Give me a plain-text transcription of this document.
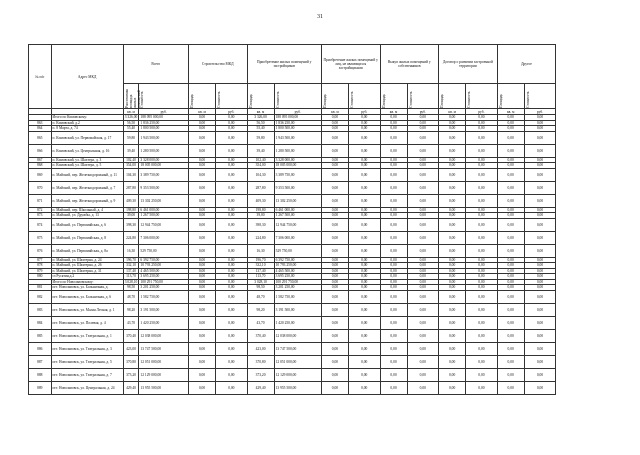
31
№ п/п	Адрес МКД	Всего		Строительство МКД		Приобретение жилых помещений у застройщиков		Приобретение жилых помещений у лиц, не являющихся застройщиками		Выкуп жилых помещений у собственников		Договор о развитии застроенной территории		Другое		

		Расселяемая площадь жилых помещений	Стоимость	Площадь	Стоимость	Площадь	Стоимость	Площадь	Стоимость	Площадь	Стоимость	Площадь	Стоимость	Площадь	Стоимость	

		кв. м	руб.	кв. м	руб.	кв. м	руб.	кв. м	руб.	кв. м	руб.	кв. м	руб.	кв. м	руб.	
	Итого по Кимовскому:	3 326,00	188 095 000,00	0,00	0,00	3 326,00	188 095 000,00	0,00	0,00	0,00	0,00	0,00	0,00	0,00	0,00	
863	п. Кимовский, д.2	56,50	1 836 250,00	0,00	0,00	56,50	1 836 250,00	0,00	0,00	0,00	0,00	0,00	0,00	0,00	0,00	
864	п. 8 Марта, д. 74	55,40	1 800 500,00	0,00	0,00	55,40	1 800 500,00	0,00	0,00	0,00	0,00	0,00	0,00	0,00	0,00	
865	п. Кимовский, ул. Первомайская, д. 17	59,80	1 943 500,00	0,00	0,00	59,80	1 943 500,00	0,00	0,00	0,00	0,00	0,00	0,00	0,00	0,00	
866	п. Кимовский, ул. Центральная, д. 16	39,40	1 280 500,00	0,00	0,00	39,40	1 280 500,00	0,00	0,00	0,00	0,00	0,00	0,00	0,00	0,00	
867	п. Кимовский, ул. Шахтера, д. 3	102,40	3 328 000,00	0,00	0,00	102,40	3 328 000,00	0,00	0,00	0,00	0,00	0,00	0,00	0,00	0,00	
868	п. Кимовский, ул. Шахтера, д. 5	354,00	18 005 000,00	0,00	0,00	354,00	18 005 000,00	0,00	0,00	0,00	0,00	0,00	0,00	0,00	0,00	
869	п. Майский, пер. Железнодорожный, д. 11	104,30	3 389 750,00	0,00	0,00	104,30	3 389 750,00	0,00	0,00	0,00	0,00	0,00	0,00	0,00	0,00	
870	п. Майский, пер. Железнодорожный, д. 7	287,80	9 353 500,00	0,00	0,00	287,80	9 353 500,00	0,00	0,00	0,00	0,00	0,00	0,00	0,00	0,00	
871	п. Майский, пер. Железнодорожный, д. 9	409,30	13 302 250,00	0,00	0,00	409,30	13 302 250,00	0,00	0,00	0,00	0,00	0,00	0,00	0,00	0,00	
872	п. Майский, пер. Школьный, д. 4	198,80	6 461 000,00	0,00	0,00	198,80	6 461 000,00	0,00	0,00	0,00	0,00	0,00	0,00	0,00	0,00	
873	п. Майский, ул. Дружбы, д. 13	39,00	1 267 500,00	0,00	0,00	39,00	1 267 500,00	0,00	0,00	0,00	0,00	0,00	0,00	0,00	0,00	
874	п. Майский, ул. Первомайская, д. 6	398,30	12 944 750,00	0,00	0,00	398,30	12 944 750,00	0,00	0,00	0,00	0,00	0,00	0,00	0,00	0,00	
875	п. Майский, ул. Первомайская, д. 8	224,80	7 306 000,00	0,00	0,00	224,80	7 306 000,00	0,00	0,00	0,00	0,00	0,00	0,00	0,00	0,00	
876	п. Майский, ул. Первомайская, д. 8а	16,30	529 750,00	0,00	0,00	16,30	529 750,00	0,00	0,00	0,00	0,00	0,00	0,00	0,00	0,00	
877	п. Майский, ул. Шахтерна, д. 24	196,70	6 392 750,00	0,00	0,00	196,70	6 392 750,00	0,00	0,00	0,00	0,00	0,00	0,00	0,00	0,00	
878	п. Майский, ул. Шахтерна, д. 26	332,10	10 793 250,00	0,00	0,00	332,10	10 793 250,00	0,00	0,00	0,00	0,00	0,00	0,00	0,00	0,00	
879	п. Майский, ул. Шахтерна, д. 31	137,40	4 465 500,00	0,00	0,00	137,40	4 465 500,00	0,00	0,00	0,00	0,00	0,00	0,00	0,00	0,00	
880	ст.Русятин,д.2	113,70	3 695 250,00	0,00	0,00	113,70	3 695 250,00	0,00	0,00	0,00	0,00	0,00	0,00	0,00	0,00	
	Итого по Новольвовскому:	3 028,10	100 291 750,00	0,00	0,00	3 028,10	100 291 750,00	0,00	0,00	0,00	0,00	0,00	0,00	0,00	0,00	
881	пгт. Новольвовск, ул. Больничная, д.	98,50	3 201 250,00	0,00	0,00	98,50	3 201 250,00	0,00	0,00	0,00	0,00	0,00	0,00	0,00	0,00	
882	пгт. Новольвовск, ул. Больничная, д. 6	48,70	1 582 750,00	0,00	0,00	48,70	1 582 750,00	0,00	0,00	0,00	0,00	0,00	0,00	0,00	0,00	
883	пгт. Новольвовск, ул. Малая Лесная, д. 1	98,20	3 191 500,00	0,00	0,00	98,20	3 191 500,00	0,00	0,00	0,00	0,00	0,00	0,00	0,00	0,00	
884	пгт. Новольвовск, ул. Полевая, д. 4	43,70	1 420 250,00	0,00	0,00	43,70	1 420 250,00	0,00	0,00	0,00	0,00	0,00	0,00	0,00	0,00	
885	пгт. Новольвовск, ул. Театральная, д. 1	370,40	12 038 000,00	0,00	0,00	370,40	12 038 000,00	0,00	0,00	0,00	0,00	0,00	0,00	0,00	0,00	
886	пгт. Новольвовск, ул. Театральная, д. 3	423,00	13 747 500,00	0,00	0,00	423,00	13 747 500,00	0,00	0,00	0,00	0,00	0,00	0,00	0,00	0,00	
887	пгт. Новольвовск, ул. Театральная, д. 5	370,80	12 051 000,00	0,00	0,00	370,80	12 051 000,00	0,00	0,00	0,00	0,00	0,00	0,00	0,00	0,00	
888	пгт. Новольвовск, ул. Театральная, д. 7	373,20	12 129 000,00	0,00	0,00	373,20	12 129 000,00	0,00	0,00	0,00	0,00	0,00	0,00	0,00	0,00	
889	пгт. Новольвовск, ул. Центральная, д. 24	429,40	13 955 500,00	0,00	0,00	429,40	13 955 500,00	0,00	0,00	0,00	0,00	0,00	0,00	0,00	0,00	
